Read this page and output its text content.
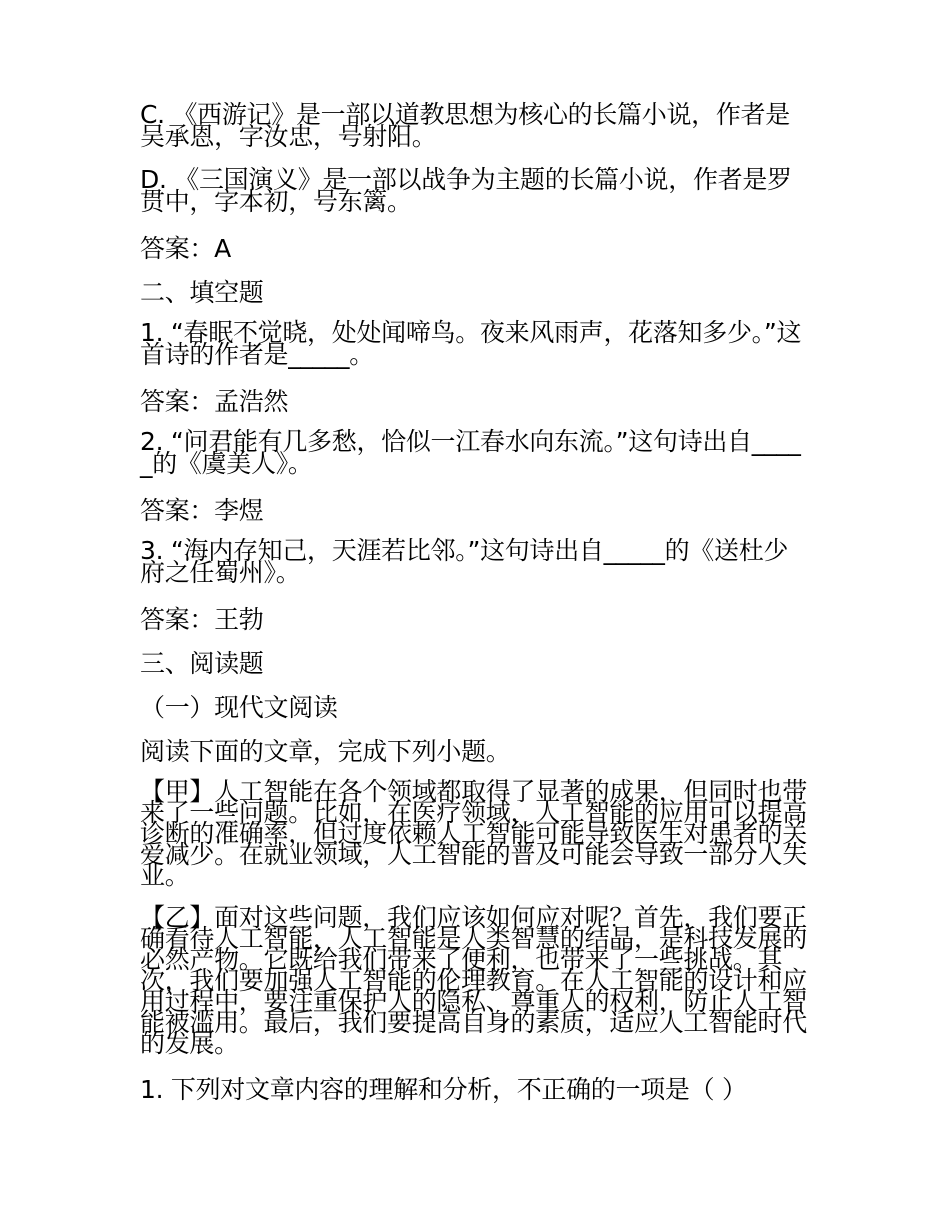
C. 《西游记》是一部以道教思想为核心的长篇小说，作者是吴承恩，字汝忠，号射阳。

D. 《三国演义》是一部以战争为主题的长篇小说，作者是罗贯中，字本初，号东篱。

答案：A

二、填空题

1. “春眠不觉晓，处处闻啼鸟。夜来风雨声，花落知多少。”这首诗的作者是_____。

答案：孟浩然

2. “问君能有几多愁，恰似一江春水向东流。”这句诗出自_____的《虞美人》。

答案：李煜

3. “海内存知己，天涯若比邻。”这句诗出自_____的《送杜少府之任蜀州》。

答案：王勃

三、阅读题

（一）现代文阅读

阅读下面的文章，完成下列小题。

【甲】人工智能在各个领域都取得了显著的成果，但同时也带来了一些问题。比如，在医疗领域，人工智能的应用可以提高诊断的准确率，但过度依赖人工智能可能导致医生对患者的关爱减少。在就业领域，人工智能的普及可能会导致一部分人失业。

【乙】面对这些问题，我们应该如何应对呢？首先，我们要正确看待人工智能，人工智能是人类智慧的结晶，是科技发展的必然产物。它既给我们带来了便利，也带来了一些挑战。其次，我们要加强人工智能的伦理教育。在人工智能的设计和应用过程中，要注重保护人的隐私、尊重人的权利，防止人工智能被滥用。最后，我们要提高自身的素质，适应人工智能时代的发展。

1. 下列对文章内容的理解和分析，不正确的一项是（ ）
